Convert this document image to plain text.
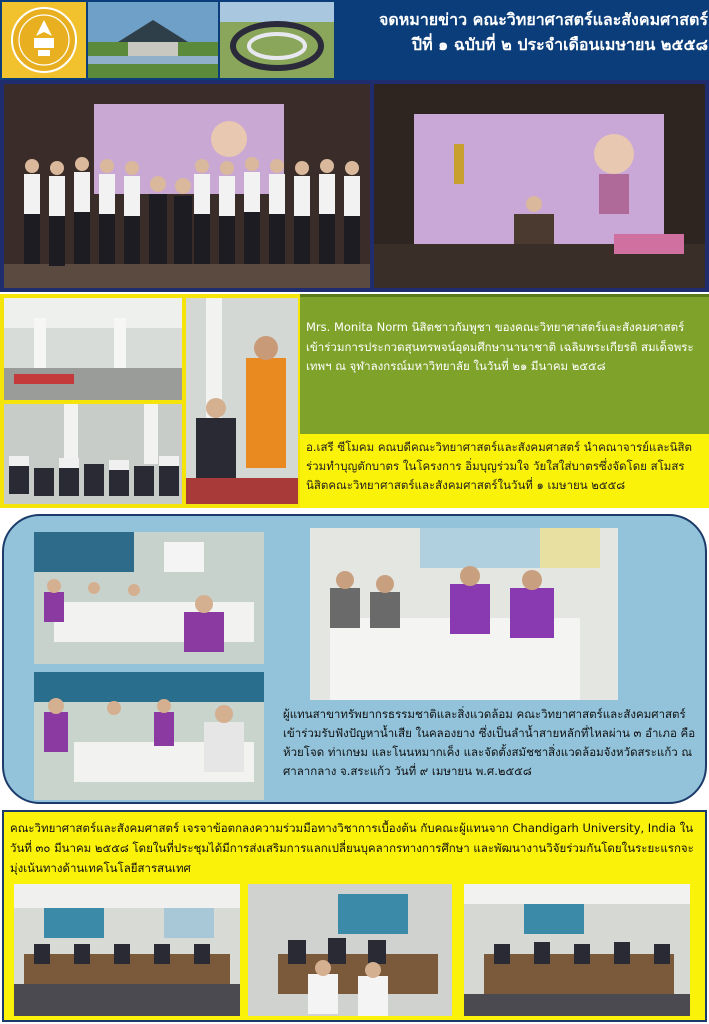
จดหมายข่าว คณะวิทยาศาสตร์และสังคมศาสตร์
ปีที่ ๑ ฉบับที่ ๒ ประจำเดือนเมษายน ๒๕๕๘
Mrs. Monita Norm นิสิตชาวกัมพูชา ของคณะวิทยาศาสตร์และสังคมศาสตร์ เข้าร่วมการประกวดสุนทรพจน์อุดมศึกษานานาชาติ เฉลิมพระเกียรติ สมเด็จพระเทพฯ ณ จุฬาลงกรณ์มหาวิทยาลัย ในวันที่ ๒๑ มีนาคม ๒๕๕๘
อ.เสรี ซีโมคม คณบดีคณะวิทยาศาสตร์และสังคมศาสตร์ นำคณาจารย์และนิสิต ร่วมทำบุญตักบาตร ในโครงการ อิ่มบุญร่วมใจ วัยใสใส่บาตรซึ่งจัดโดย สโมสรนิสิตคณะวิทยาศาสตร์และสังคมศาสตร์ในวันที่ ๑ เมษายน ๒๕๕๘
ผู้แทนสาขาทรัพยากรธรรมชาติและสิ่งแวดล้อม คณะวิทยาศาสตร์และสังคมศาสตร์ เข้าร่วมรับฟังปัญหาน้ำเสีย ในคลองยาง ซึ่งเป็นลำน้ำสายหลักที่ไหลผ่าน ๓ อำเภอ คือ ห้วยโจด ท่าเกษม และโนนหมากเค็ง และจัดตั้งสมัชชาสิ่งแวดล้อมจังหวัดสระแก้ว ณ ศาลากลาง จ.สระแก้ว วันที่ ๙ เมษายน พ.ศ.๒๕๕๘
คณะวิทยาศาสตร์และสังคมศาสตร์ เจรจาข้อตกลงความร่วมมือทางวิชาการเบื้องต้น กับคณะผู้แทนจาก Chandigarh University, India ในวันที่ ๓๐ มีนาคม ๒๕๕๘ โดยในที่ประชุมได้มีการส่งเสริมการแลกเปลี่ยนบุคลากรทางการศึกษา และพัฒนางานวิจัยร่วมกันโดยในระยะแรกจะมุ่งเน้นทางด้านเทคโนโลยีสารสนเทศ
